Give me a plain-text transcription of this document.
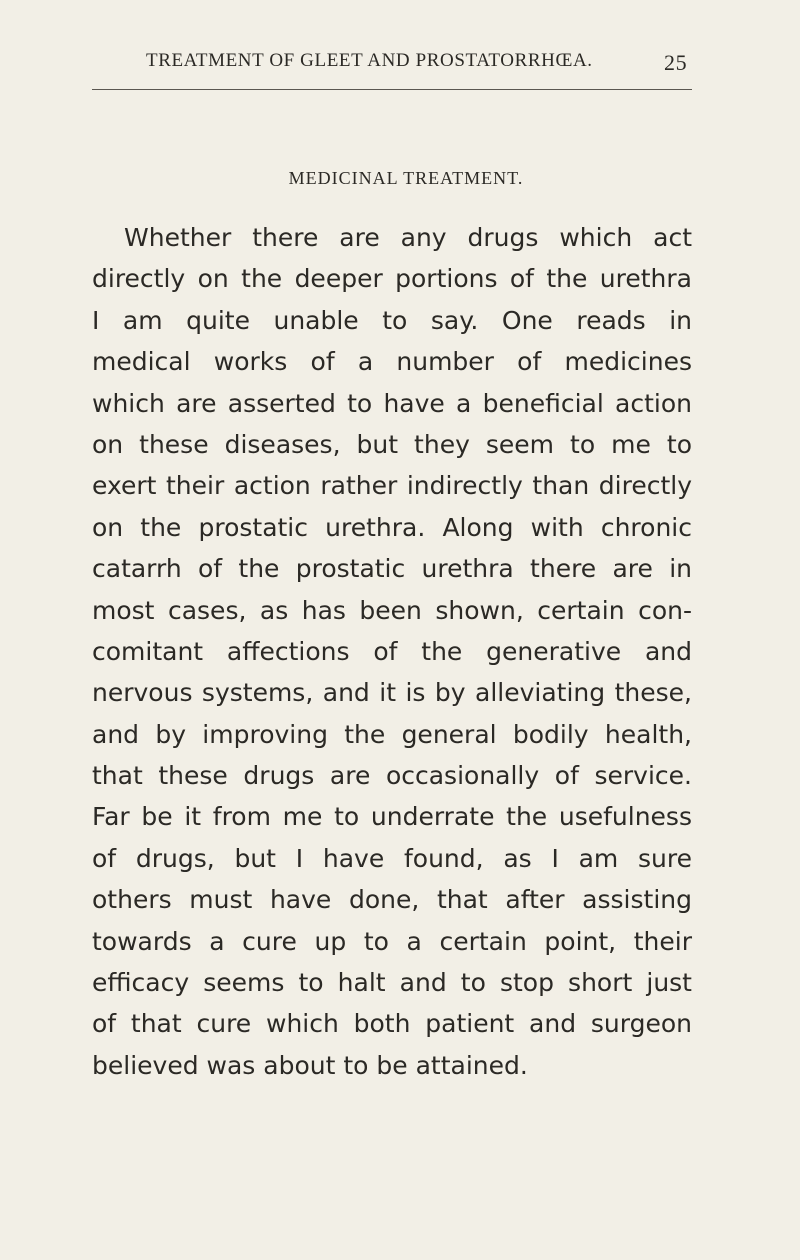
TREATMENT OF GLEET AND PROSTATORRHŒA.	25
MEDICINAL TREATMENT.
Whether there are any drugs which act
directly on the deeper portions of the urethra
I am quite unable to say. One reads in
medical works of a number of medicines
which are asserted to have a beneficial action
on these diseases, but they seem to me to
exert their action rather indirectly than directly
on the prostatic urethra. Along with chronic
catarrh of the prostatic urethra there are in
most cases, as has been shown, certain con-
comitant affections of the generative and
nervous systems, and it is by alleviating these,
and by improving the general bodily health,
that these drugs are occasionally of service.
Far be it from me to underrate the usefulness
of drugs, but I have found, as I am sure
others must have done, that after assisting
towards a cure up to a certain point, their
efficacy seems to halt and to stop short just
of that cure which both patient and surgeon
believed was about to be attained.
